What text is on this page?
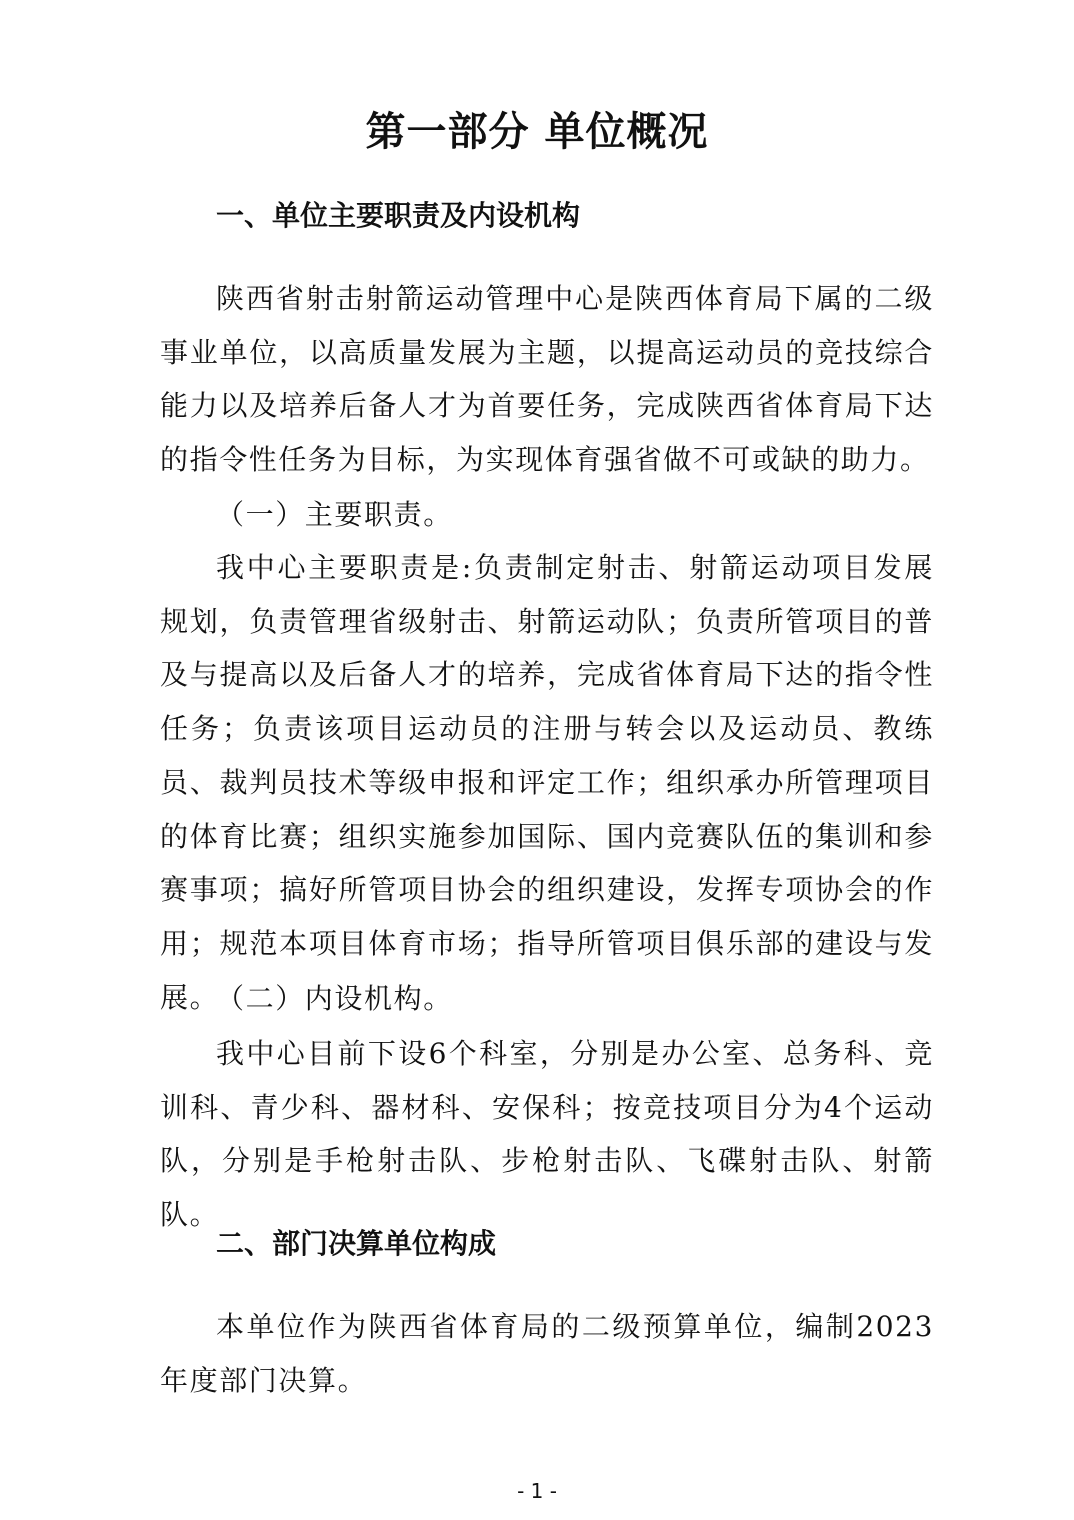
第一部分 单位概况
一、单位主要职责及内设机构
陕西省射击射箭运动管理中心是陕西体育局下属的二级事业单位，以高质量发展为主题，以提高运动员的竞技综合能力以及培养后备人才为首要任务，完成陕西省体育局下达的指令性任务为目标，为实现体育强省做不可或缺的助力。
（一）主要职责。
我中心主要职责是:负责制定射击、射箭运动项目发展规划，负责管理省级射击、射箭运动队；负责所管项目的普及与提高以及后备人才的培养，完成省体育局下达的指令性任务；负责该项目运动员的注册与转会以及运动员、教练员、裁判员技术等级申报和评定工作；组织承办所管理项目的体育比赛；组织实施参加国际、国内竞赛队伍的集训和参赛事项；搞好所管项目协会的组织建设，发挥专项协会的作用；规范本项目体育市场；指导所管项目俱乐部的建设与发展。
（二）内设机构。
我中心目前下设6个科室，分别是办公室、总务科、竞训科、青少科、器材科、安保科；按竞技项目分为4个运动队，分别是手枪射击队、步枪射击队、飞碟射击队、射箭队。
二、部门决算单位构成
本单位作为陕西省体育局的二级预算单位，编制2023年度部门决算。
- 1 -
